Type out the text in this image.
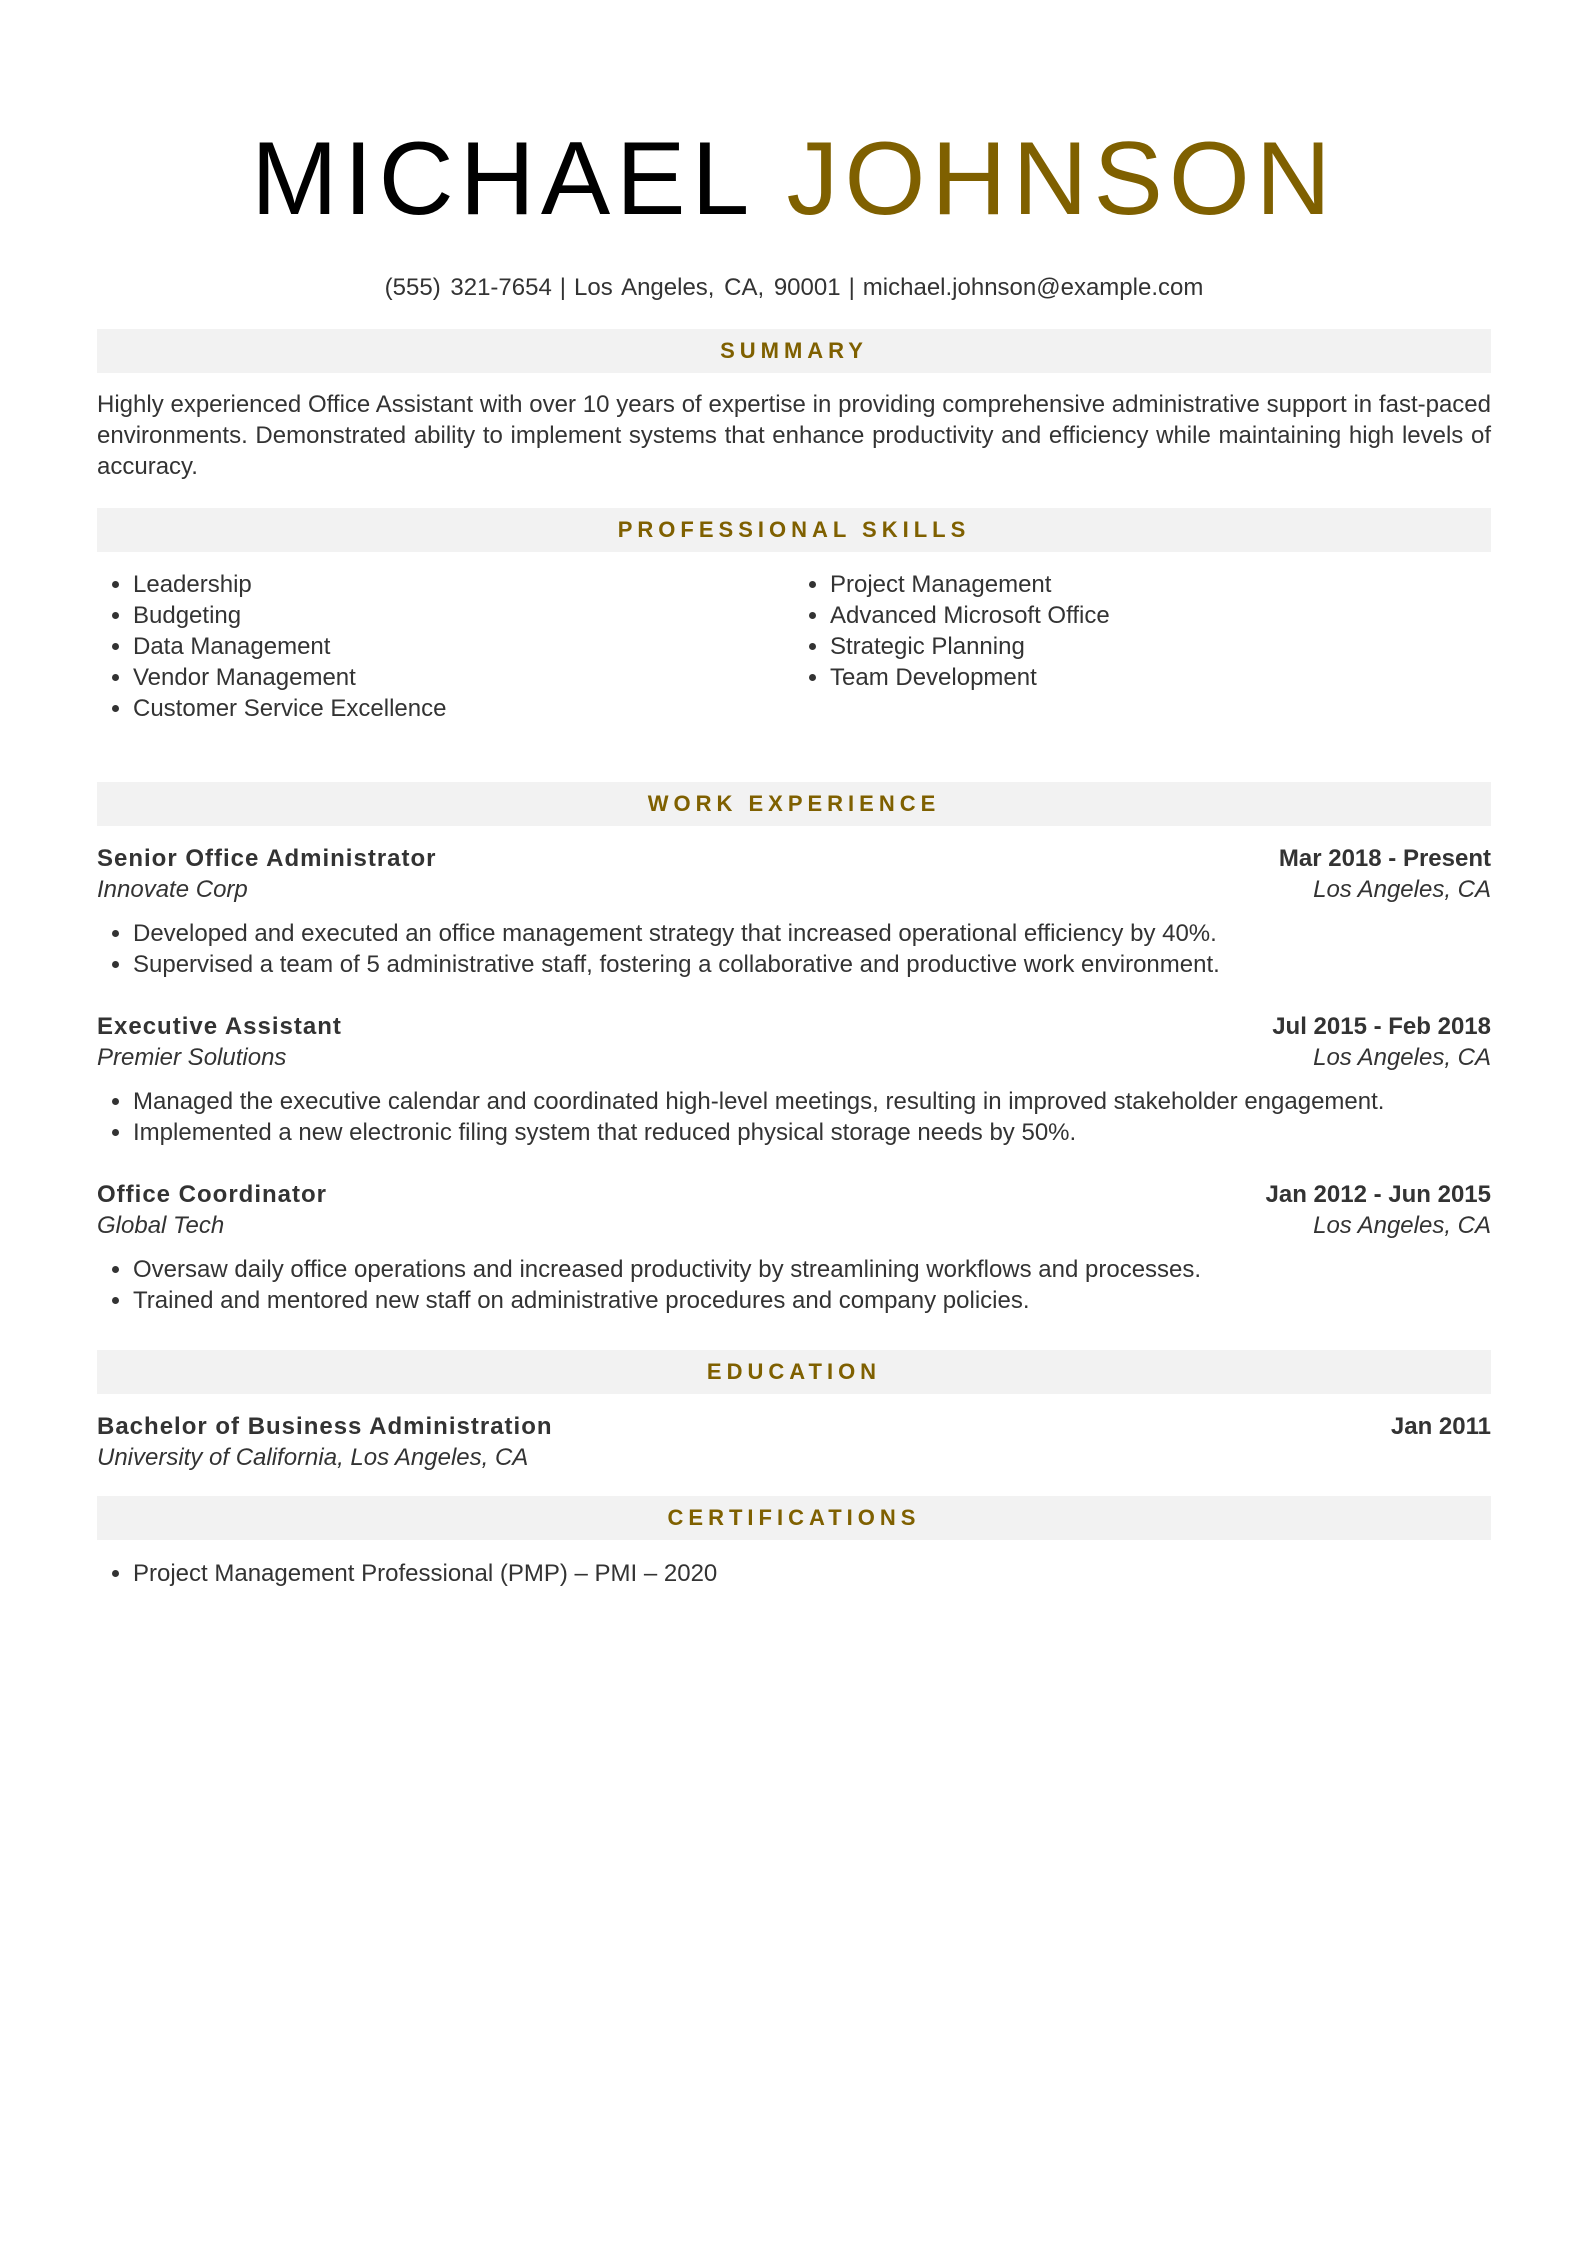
MICHAEL JOHNSON
(555) 321-7654 | Los Angeles, CA, 90001 | michael.johnson@example.com
SUMMARY

Highly experienced Office Assistant with over 10 years of expertise in providing comprehensive administrative support in fast-paced environments. Demonstrated ability to implement systems that enhance productivity and efficiency while maintaining high levels of accuracy.

PROFESSIONAL SKILLS
• Leadership
• Budgeting
• Data Management
• Vendor Management
• Customer Service Excellence
• Project Management
• Advanced Microsoft Office
• Strategic Planning
• Team Development
WORK EXPERIENCE
Senior Office Administrator	Mar 2018 - Present
Innovate Corp	Los Angeles, CA
• Developed and executed an office management strategy that increased operational efficiency by 40%.
• Supervised a team of 5 administrative staff, fostering a collaborative and productive work environment.
Executive Assistant	Jul 2015 - Feb 2018
Premier Solutions	Los Angeles, CA
• Managed the executive calendar and coordinated high-level meetings, resulting in improved stakeholder engagement.
• Implemented a new electronic filing system that reduced physical storage needs by 50%.
Office Coordinator	Jan 2012 - Jun 2015
Global Tech	Los Angeles, CA
• Oversaw daily office operations and increased productivity by streamlining workflows and processes.
• Trained and mentored new staff on administrative procedures and company policies.
EDUCATION
Bachelor of Business Administration	Jan 2011
University of California, Los Angeles, CA
CERTIFICATIONS
• Project Management Professional (PMP) – PMI – 2020
